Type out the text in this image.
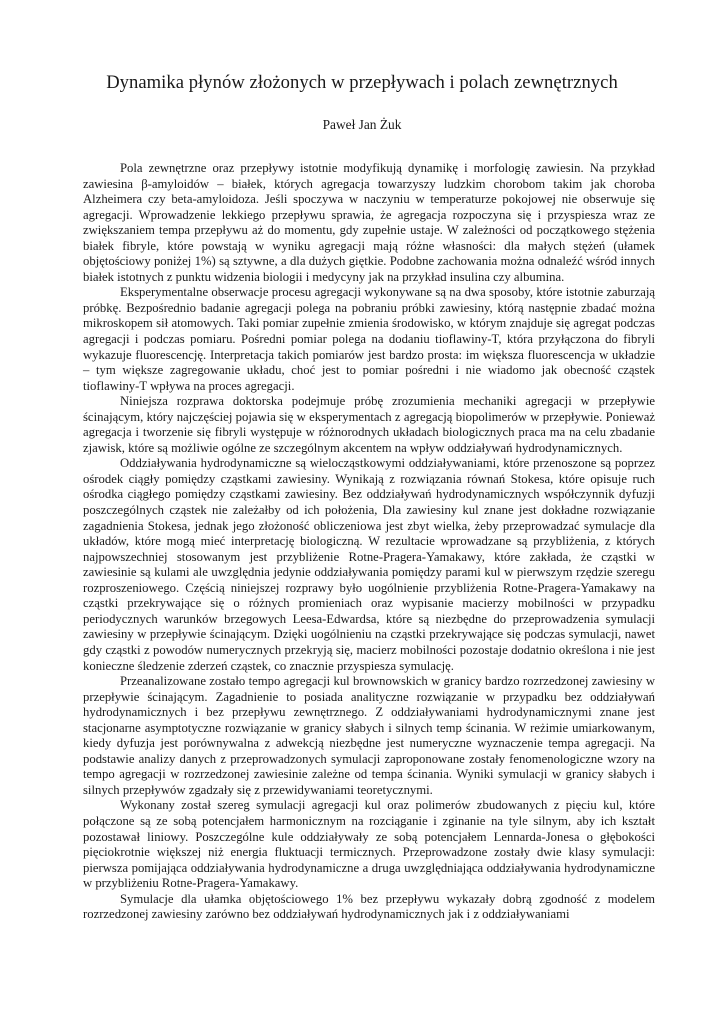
Dynamika płynów złożonych w przepływach i polach zewnętrznych
Paweł Jan Żuk

Pola zewnętrzne oraz przepływy istotnie modyfikują dynamikę i morfologię zawiesin. Na przykład zawiesina β-amyloidów – białek, których agregacja towarzyszy ludzkim chorobom takim jak choroba Alzheimera czy beta-amyloidoza. Jeśli spoczywa w naczyniu w temperaturze pokojowej nie obserwuje się agregacji. Wprowadzenie lekkiego przepływu sprawia, że agregacja rozpoczyna się i przyspiesza wraz ze zwiększaniem tempa przepływu aż do momentu, gdy zupełnie ustaje. W zależności od początkowego stężenia białek fibryle, które powstają w wyniku agregacji mają różne własności: dla małych stężeń (ułamek objętościowy poniżej 1%) są sztywne, a dla dużych giętkie. Podobne zachowania można odnaleźć wśród innych białek istotnych z punktu widzenia biologii i medycyny jak na przykład insulina czy albumina.

Eksperymentalne obserwacje procesu agregacji wykonywane są na dwa sposoby, które istotnie zaburzają próbkę. Bezpośrednio badanie agregacji polega na pobraniu próbki zawiesiny, którą następnie zbadać można mikroskopem sił atomowych. Taki pomiar zupełnie zmienia środowisko, w którym znajduje się agregat podczas agregacji i podczas pomiaru. Pośredni pomiar polega na dodaniu tioflawiny-T, która przyłączona do fibryli wykazuje fluorescencję. Interpretacja takich pomiarów jest bardzo prosta: im większa fluorescencja w układzie – tym większe zagregowanie układu, choć jest to pomiar pośredni i nie wiadomo jak obecność cząstek tioflawiny-T wpływa na proces agregacji.

Niniejsza rozprawa doktorska podejmuje próbę zrozumienia mechaniki agregacji w przepływie ścinającym, który najczęściej pojawia się w eksperymentach z agregacją biopolimerów w przepływie. Ponieważ agregacja i tworzenie się fibryli występuje w różnorodnych układach biologicznych praca ma na celu zbadanie zjawisk, które są możliwie ogólne ze szczególnym akcentem na wpływ oddziaływań hydrodynamicznych.

Oddziaływania hydrodynamiczne są wielocząstkowymi oddziaływaniami, które przenoszone są poprzez ośrodek ciągły pomiędzy cząstkami zawiesiny. Wynikają z rozwiązania równań Stokesa, które opisuje ruch ośrodka ciągłego pomiędzy cząstkami zawiesiny. Bez oddziaływań hydrodynamicznych współczynnik dyfuzji poszczególnych cząstek nie zależałby od ich położenia, Dla zawiesiny kul znane jest dokładne rozwiązanie zagadnienia Stokesa, jednak jego złożoność obliczeniowa jest zbyt wielka, żeby przeprowadzać symulacje dla układów, które mogą mieć interpretację biologiczną. W rezultacie wprowadzane są przybliżenia, z których najpowszechniej stosowanym jest przybliżenie Rotne-Pragera-Yamakawy, które zakłada, że cząstki w zawiesinie są kulami ale uwzględnia jedynie oddziaływania pomiędzy parami kul w pierwszym rzędzie szeregu rozproszeniowego. Częścią niniejszej rozprawy było uogólnienie przybliżenia Rotne-Pragera-Yamakawy na cząstki przekrywające się o różnych promieniach oraz wypisanie macierzy mobilności w przypadku periodycznych warunków brzegowych Leesa-Edwardsa, które są niezbędne do przeprowadzenia symulacji zawiesiny w przepływie ścinającym. Dzięki uogólnieniu na cząstki przekrywające się podczas symulacji, nawet gdy cząstki z powodów numerycznych przekryją się, macierz mobilności pozostaje dodatnio określona i nie jest konieczne śledzenie zderzeń cząstek, co znacznie przyspiesza symulację.

Przeanalizowane zostało tempo agregacji kul brownowskich w granicy bardzo rozrzedzonej zawiesiny w przepływie ścinającym. Zagadnienie to posiada analityczne rozwiązanie w przypadku bez oddziaływań hydrodynamicznych i bez przepływu zewnętrznego. Z oddziaływaniami hydrodynamicznymi znane jest stacjonarne asymptotyczne rozwiązanie w granicy słabych i silnych temp ścinania. W reżimie umiarkowanym, kiedy dyfuzja jest porównywalna z adwekcją niezbędne jest numeryczne wyznaczenie tempa agregacji. Na podstawie analizy danych z przeprowadzonych symulacji zaproponowane zostały fenomenologiczne wzory na tempo agregacji w rozrzedzonej zawiesinie zależne od tempa ścinania. Wyniki symulacji w granicy słabych i silnych przepływów zgadzały się z przewidywaniami teoretycznymi.

Wykonany został szereg symulacji agregacji kul oraz polimerów zbudowanych z pięciu kul, które połączone są ze sobą potencjałem harmonicznym na rozciąganie i zginanie na tyle silnym, aby ich kształt pozostawał liniowy. Poszczególne kule oddziaływały ze sobą potencjałem Lennarda-Jonesa o głębokości pięciokrotnie większej niż energia fluktuacji termicznych. Przeprowadzone zostały dwie klasy symulacji: pierwsza pomijająca oddziaływania hydrodynamiczne a druga uwzględniająca oddziaływania hydrodynamiczne w przybliżeniu Rotne-Pragera-Yamakawy.

Symulacje dla ułamka objętościowego 1% bez przepływu wykazały dobrą zgodność z modelem rozrzedzonej zawiesiny zarówno bez oddziaływań hydrodynamicznych jak i z oddziaływaniami
